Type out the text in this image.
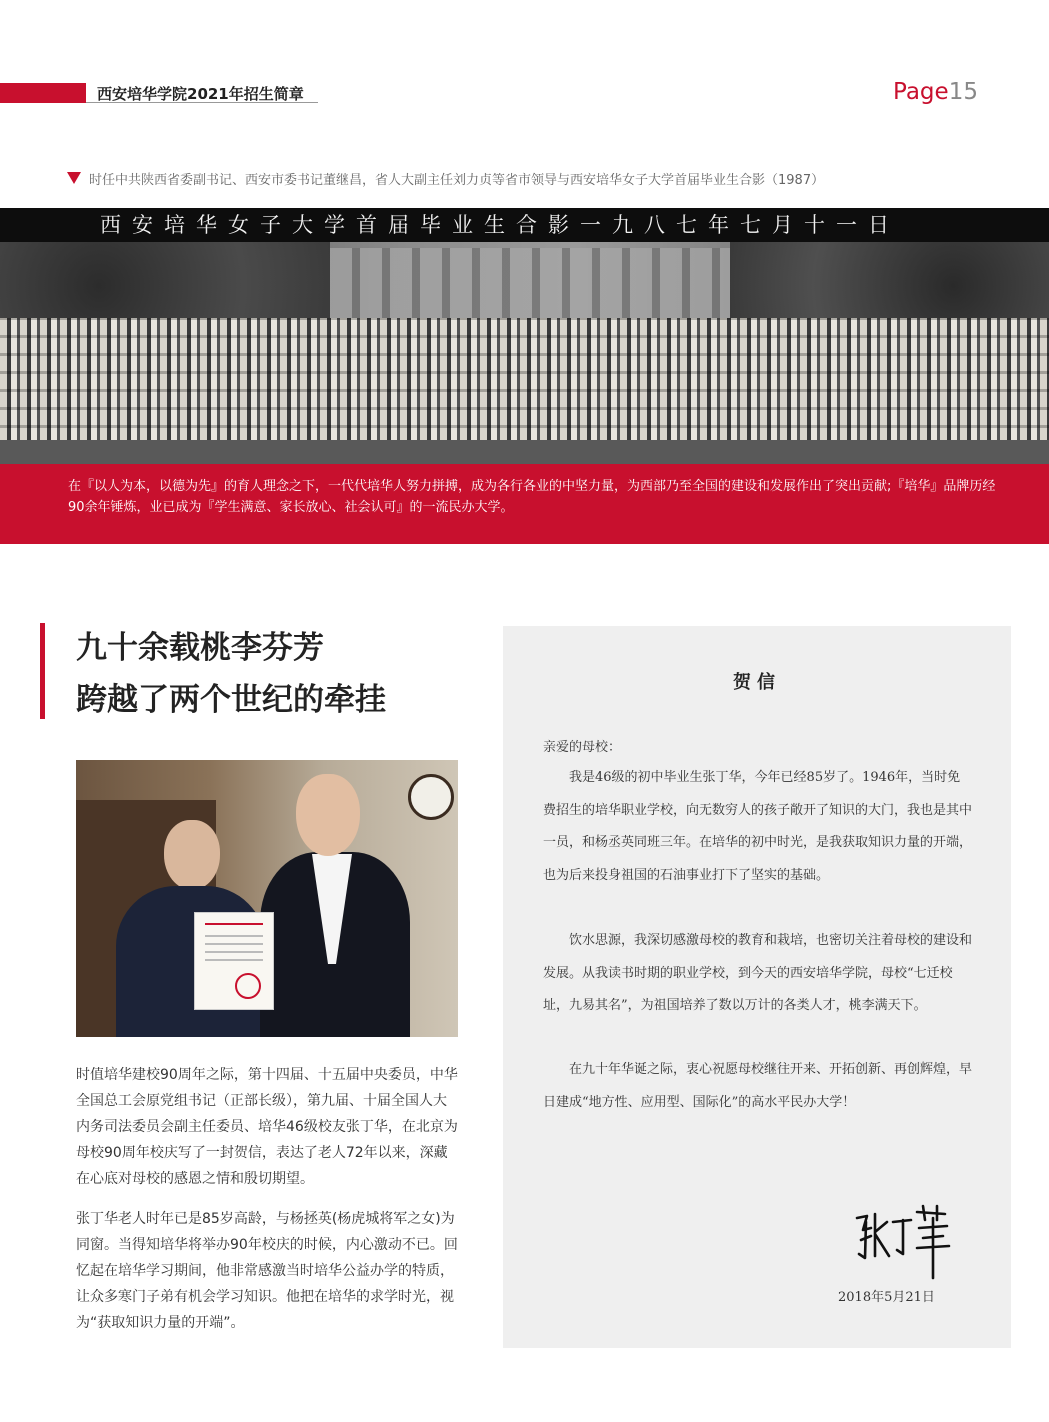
西安培华学院2021年招生简章	Page15
时任中共陕西省委副书记、西安市委书记董继昌，省人大副主任刘力贞等省市领导与西安培华女子大学首届毕业生合影（1987）
西安培华女子大学首届毕业生合影一九八七年七月十一日

在『以人为本，以德为先』的育人理念之下，一代代培华人努力拼搏，成为各行各业的中坚力量，为西部乃至全国的建设和发展作出了突出贡献;『培华』品牌历经90余年锤炼，业已成为『学生满意、家长放心、社会认可』的一流民办大学。

九十余载桃李芬芳
跨越了两个世纪的牵挂

时值培华建校90周年之际，第十四届、十五届中央委员，中华全国总工会原党组书记（正部长级），第九届、十届全国人大内务司法委员会副主任委员、培华46级校友张丁华，在北京为母校90周年校庆写了一封贺信，表达了老人72年以来，深藏在心底对母校的感恩之情和殷切期望。

张丁华老人时年已是85岁高龄，与杨拯英(杨虎城将军之女)为同窗。当得知培华将举办90年校庆的时候，内心激动不已。回忆起在培华学习期间，他非常感激当时培华公益办学的特质，让众多寒门子弟有机会学习知识。他把在培华的求学时光，视为“获取知识力量的开端”。

贺信

亲爱的母校：

我是46级的初中毕业生张丁华，今年已经85岁了。1946年，当时免费招生的培华职业学校，向无数穷人的孩子敞开了知识的大门，我也是其中一员，和杨丞英同班三年。在培华的初中时光，是我获取知识力量的开端，也为后来投身祖国的石油事业打下了坚实的基础。

饮水思源，我深切感激母校的教育和栽培，也密切关注着母校的建设和发展。从我读书时期的职业学校，到今天的西安培华学院，母校“七迁校址，九易其名”，为祖国培养了数以万计的各类人才，桃李满天下。

在九十年华诞之际，衷心祝愿母校继往开来、开拓创新、再创辉煌，早日建成“地方性、应用型、国际化”的高水平民办大学！

2018年5月21日
